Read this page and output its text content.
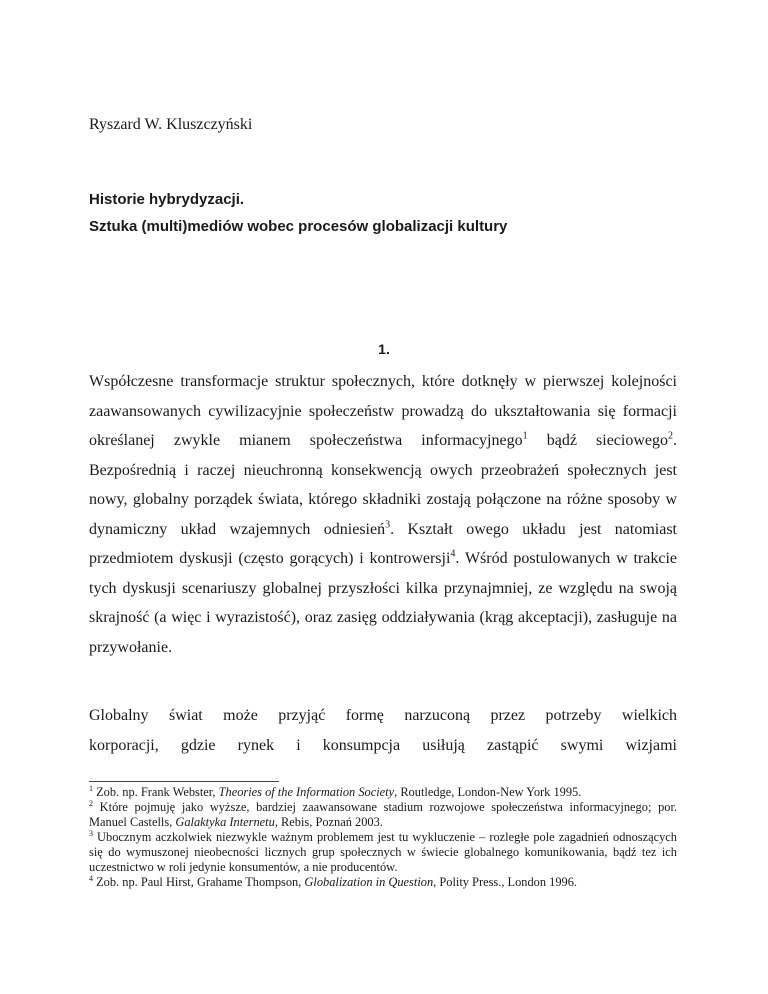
Ryszard W. Kluszczyński
Historie hybrydyzacji.
Sztuka (multi)mediów wobec procesów globalizacji kultury
1.

Współczesne transformacje struktur społecznych, które dotknęły w pierwszej kolejności zaawansowanych cywilizacyjnie społeczeństw prowadzą do ukształtowania się formacji określanej zwykle mianem społeczeństwa informacyjnego$^1$ bądź sieciowego$^2$. Bezpośrednią i raczej nieuchronną konsekwencją owych przeobrażeń społecznych jest nowy, globalny porządek świata, którego składniki zostają połączone na różne sposoby w dynamiczny układ wzajemnych odniesień$^3$. Kształt owego układu jest natomiast przedmiotem dyskusji (często gorących) i kontrowersji$^4$. Wśród postulowanych w trakcie tych dyskusji scenariuszy globalnej przyszłości kilka przynajmniej, ze względu na swoją skrajność (a więc i wyrazistość), oraz zasięg oddziaływania (krąg akceptacji), zasługuje na przywołanie.

Globalny świat może przyjąć formę narzuconą przez potrzeby wielkich
korporacji, gdzie rynek i konsumpcja usiłują zastąpić swymi wizjami

$^1$ Zob. np. Frank Webster, Theories of the Information Society, Routledge, London-New York 1995.

$^2$ Które pojmuję jako wyższe, bardziej zaawansowane stadium rozwojowe społeczeństwa informacyjnego; por. Manuel Castells, Galaktyka Internetu, Rebis, Poznań 2003.

$^3$ Ubocznym aczkolwiek niezwykle ważnym problemem jest tu wykluczenie – rozległe pole zagadnień odnoszących się do wymuszonej nieobecności licznych grup społecznych w świecie globalnego komunikowania, bądź tez ich uczestnictwo w roli jedynie konsumentów, a nie producentów.

$^4$ Zob. np. Paul Hirst, Grahame Thompson, Globalization in Question, Polity Press., London 1996.
